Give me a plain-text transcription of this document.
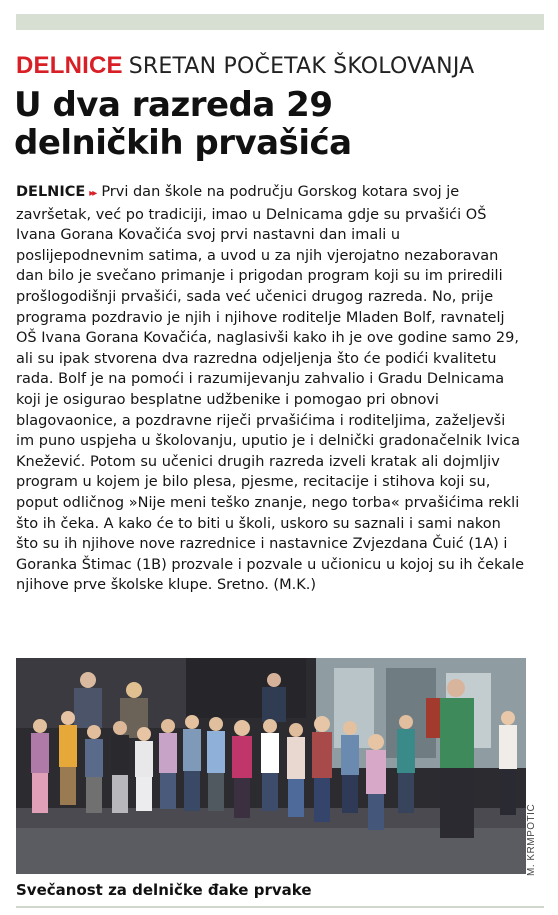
DELNICE SRETAN POČETAK ŠKOLOVANJA
U dva razreda 29
delničkih prvašića
DELNICE ▸▸ Prvi dan škole na području Gorskog kotara svoj je završetak, već po tradiciji, imao u Delnicama gdje su prvašići OŠ Ivana Gorana Kovačića svoj prvi nastavni dan imali u poslijepodnevnim satima, a uvod u za njih vjerojatno nezaboravan dan bilo je svečano primanje i prigodan program koji su im priredili prošlogodišnji prvašići, sada već učenici drugog razreda. No, prije programa pozdravio je njih i njihove roditelje Mladen Bolf, ravnatelj OŠ Ivana Gorana Kovačića, naglasivši kako ih je ove godine samo 29, ali su ipak stvorena dva razredna odjeljenja što će podići kvalitetu rada. Bolf je na pomoći i razumijevanju zahvalio i Gradu Delnicama koji je osigurao besplatne udžbenike i pomogao pri obnovi blagovaonice, a pozdravne riječi prvašićima i roditeljima, zaželjevši im puno uspjeha u školovanju, uputio je i delnički gradonačelnik Ivica Knežević. Potom su učenici drugih razreda izveli kratak ali dojmljiv program u kojem je bilo plesa, pjesme, recitacije i stihova koji su, poput odličnog »Nije meni teško znanje, nego torba« prvašićima rekli što ih čeka. A kako će to biti u školi, uskoro su saznali i sami nakon što su ih njihove nove razrednice i nastavnice Zvjezdana Čuić (1A) i Goranka Štimac (1B) prozvale i pozvale u učionicu u kojoj su ih čekale njihove prve školske klupe. Sretno. (M.K.)
M. KRMPOTIĆ
Svečanost za delničke đake prvake
